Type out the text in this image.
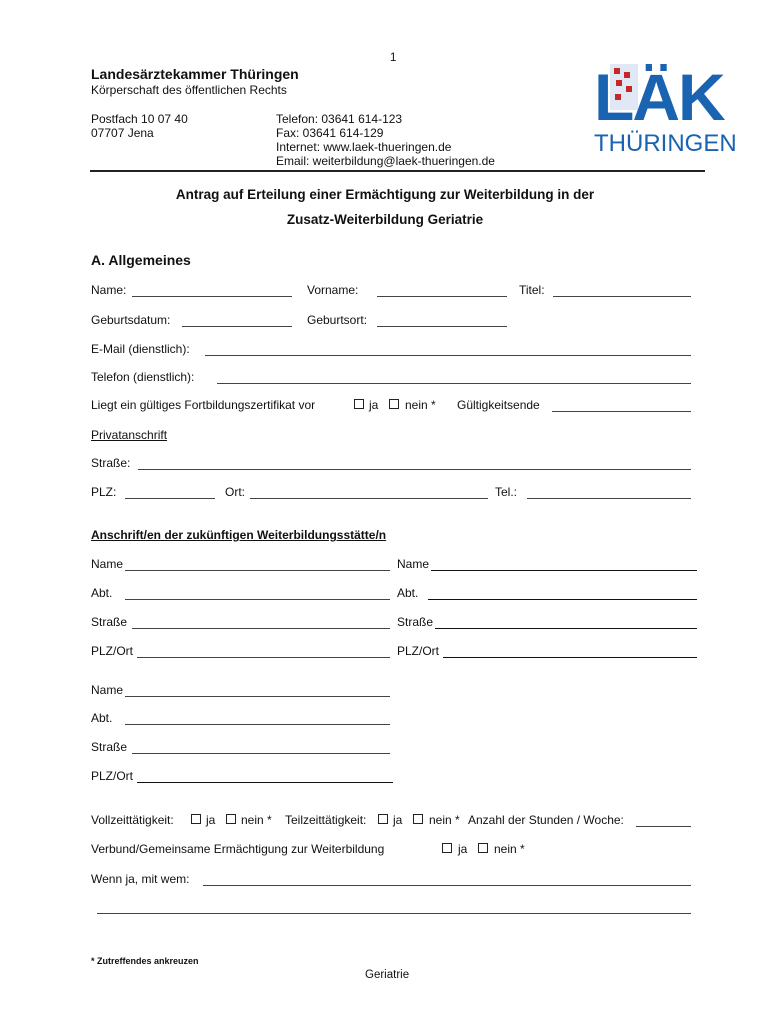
1
Landesärztekammer Thüringen
Körperschaft des öffentlichen Rechts
Postfach 10 07 40
07707 Jena
Telefon: 03641 614-123
Fax: 03641 614-129
Internet: www.laek-thueringen.de
Email: weiterbildung@laek-thueringen.de
LÄK
THÜRINGEN
Antrag auf Erteilung einer Ermächtigung zur Weiterbildung in der
Zusatz-Weiterbildung Geriatrie
A. Allgemeines
Name:	Vorname:	Titel:
Geburtsdatum:	Geburtsort:
E-Mail (dienstlich):
Telefon (dienstlich):
Liegt ein gültiges Fortbildungszertifikat vor	ja nein * Gültigkeitsende
Privatanschrift
Straße:
PLZ:	Ort:	Tel.:
Anschrift/en der zukünftigen Weiterbildungsstätte/n
Name
Abt.
Straße
PLZ/Ort
Name
Abt.
Straße
PLZ/Ort
Name
Abt.
Straße
PLZ/Ort
Vollzeittätigkeit:	ja nein * Teilzeittätigkeit: ja nein * Anzahl der Stunden / Woche:
Verbund/Gemeinsame Ermächtigung zur Weiterbildung	ja nein *
Wenn ja, mit wem:
* Zutreffendes ankreuzen
Geriatrie
